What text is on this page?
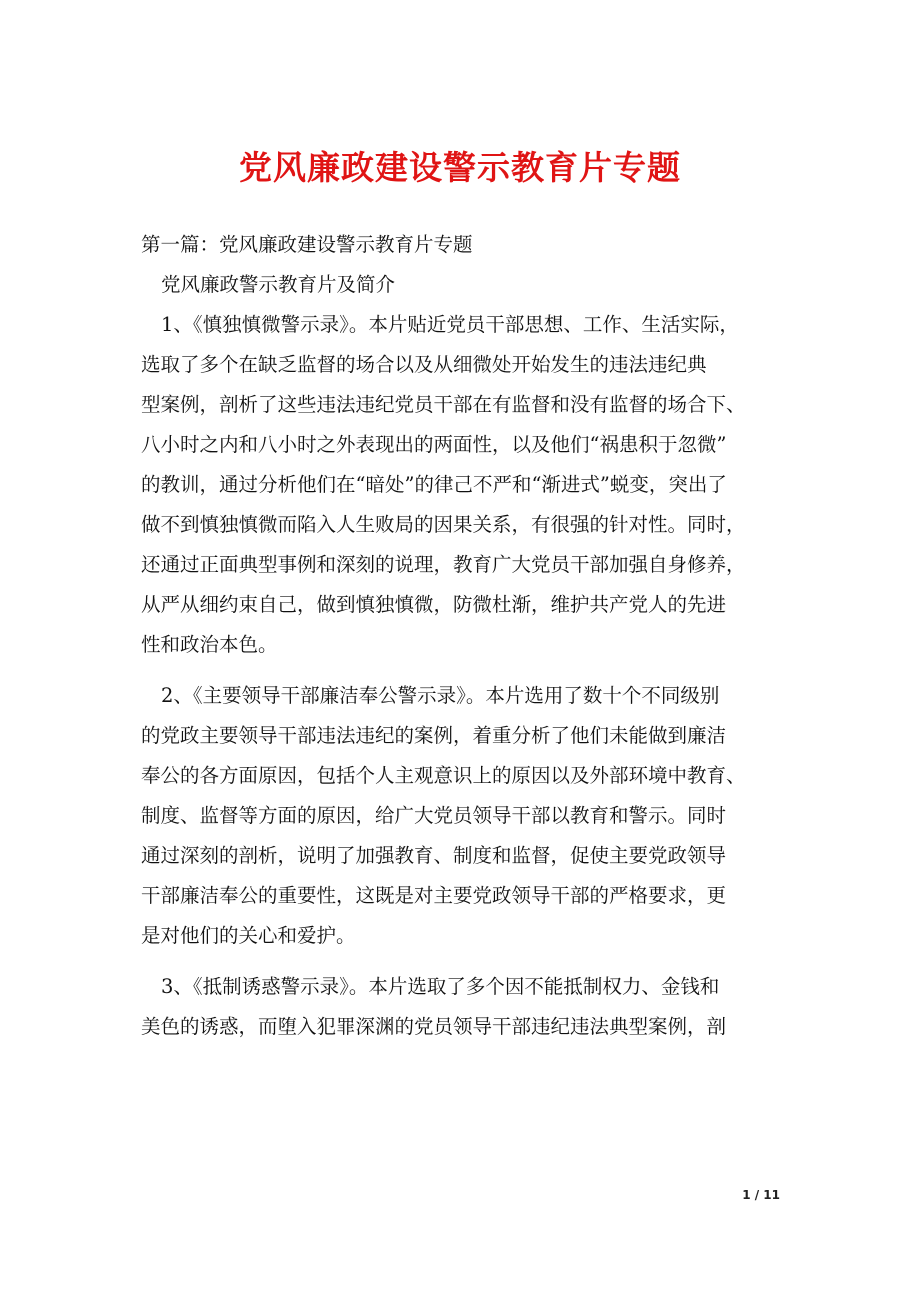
党风廉政建设警示教育片专题
第一篇：党风廉政建设警示教育片专题
党风廉政警示教育片及简介
1、《慎独慎微警示录》。本片贴近党员干部思想、工作、生活实际，
选取了多个在缺乏监督的场合以及从细微处开始发生的违法违纪典
型案例，剖析了这些违法违纪党员干部在有监督和没有监督的场合下、
八小时之内和八小时之外表现出的两面性，以及他们“祸患积于忽微”
的教训，通过分析他们在“暗处”的律己不严和“渐进式”蜕变，突出了
做不到慎独慎微而陷入人生败局的因果关系，有很强的针对性。同时，
还通过正面典型事例和深刻的说理，教育广大党员干部加强自身修养，
从严从细约束自己，做到慎独慎微，防微杜渐，维护共产党人的先进
性和政治本色。
2、《主要领导干部廉洁奉公警示录》。本片选用了数十个不同级别
的党政主要领导干部违法违纪的案例，着重分析了他们未能做到廉洁
奉公的各方面原因，包括个人主观意识上的原因以及外部环境中教育、
制度、监督等方面的原因，给广大党员领导干部以教育和警示。同时
通过深刻的剖析，说明了加强教育、制度和监督，促使主要党政领导
干部廉洁奉公的重要性，这既是对主要党政领导干部的严格要求，更
是对他们的关心和爱护。
3、《抵制诱惑警示录》。本片选取了多个因不能抵制权力、金钱和
美色的诱惑，而堕入犯罪深渊的党员领导干部违纪违法典型案例，剖
1 / 11
